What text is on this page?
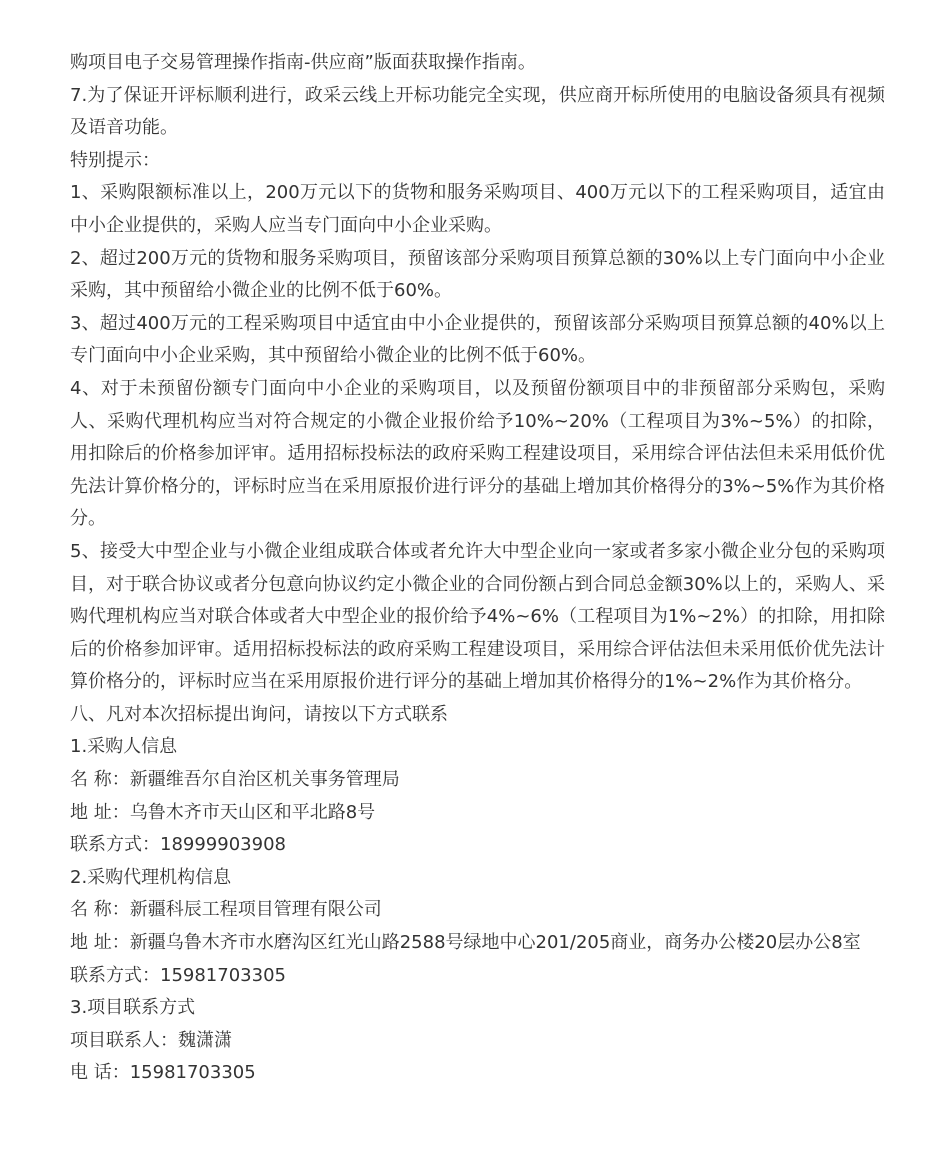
购项目电子交易管理操作指南-供应商”版面获取操作指南。

7.为了保证开评标顺利进行，政采云线上开标功能完全实现，供应商开标所使用的电脑设备须具有视频及语音功能。

特别提示：

1、采购限额标准以上，200万元以下的货物和服务采购项目、400万元以下的工程采购项目，适宜由中小企业提供的，采购人应当专门面向中小企业采购。

2、超过200万元的货物和服务采购项目，预留该部分采购项目预算总额的30%以上专门面向中小企业采购，其中预留给小微企业的比例不低于60%。

3、超过400万元的工程采购项目中适宜由中小企业提供的，预留该部分采购项目预算总额的40%以上专门面向中小企业采购，其中预留给小微企业的比例不低于60%。

4、对于未预留份额专门面向中小企业的采购项目，以及预留份额项目中的非预留部分采购包，采购人、采购代理机构应当对符合规定的小微企业报价给予10%~20%（工程项目为3%~5%）的扣除，用扣除后的价格参加评审。适用招标投标法的政府采购工程建设项目，采用综合评估法但未采用低价优先法计算价格分的，评标时应当在采用原报价进行评分的基础上增加其价格得分的3%~5%作为其价格分。

5、接受大中型企业与小微企业组成联合体或者允许大中型企业向一家或者多家小微企业分包的采购项目，对于联合协议或者分包意向协议约定小微企业的合同份额占到合同总金额30%以上的，采购人、采购代理机构应当对联合体或者大中型企业的报价给予4%~6%（工程项目为1%~2%）的扣除，用扣除后的价格参加评审。适用招标投标法的政府采购工程建设项目，采用综合评估法但未采用低价优先法计算价格分的，评标时应当在采用原报价进行评分的基础上增加其价格得分的1%~2%作为其价格分。

八、凡对本次招标提出询问，请按以下方式联系

1.采购人信息

名 称：新疆维吾尔自治区机关事务管理局

地 址：乌鲁木齐市天山区和平北路8号

联系方式：18999903908

2.采购代理机构信息

名 称：新疆科辰工程项目管理有限公司

地 址：新疆乌鲁木齐市水磨沟区红光山路2588号绿地中心201/205商业，商务办公楼20层办公8室

联系方式：15981703305

3.项目联系方式

项目联系人：魏潇潇

电 话：15981703305
